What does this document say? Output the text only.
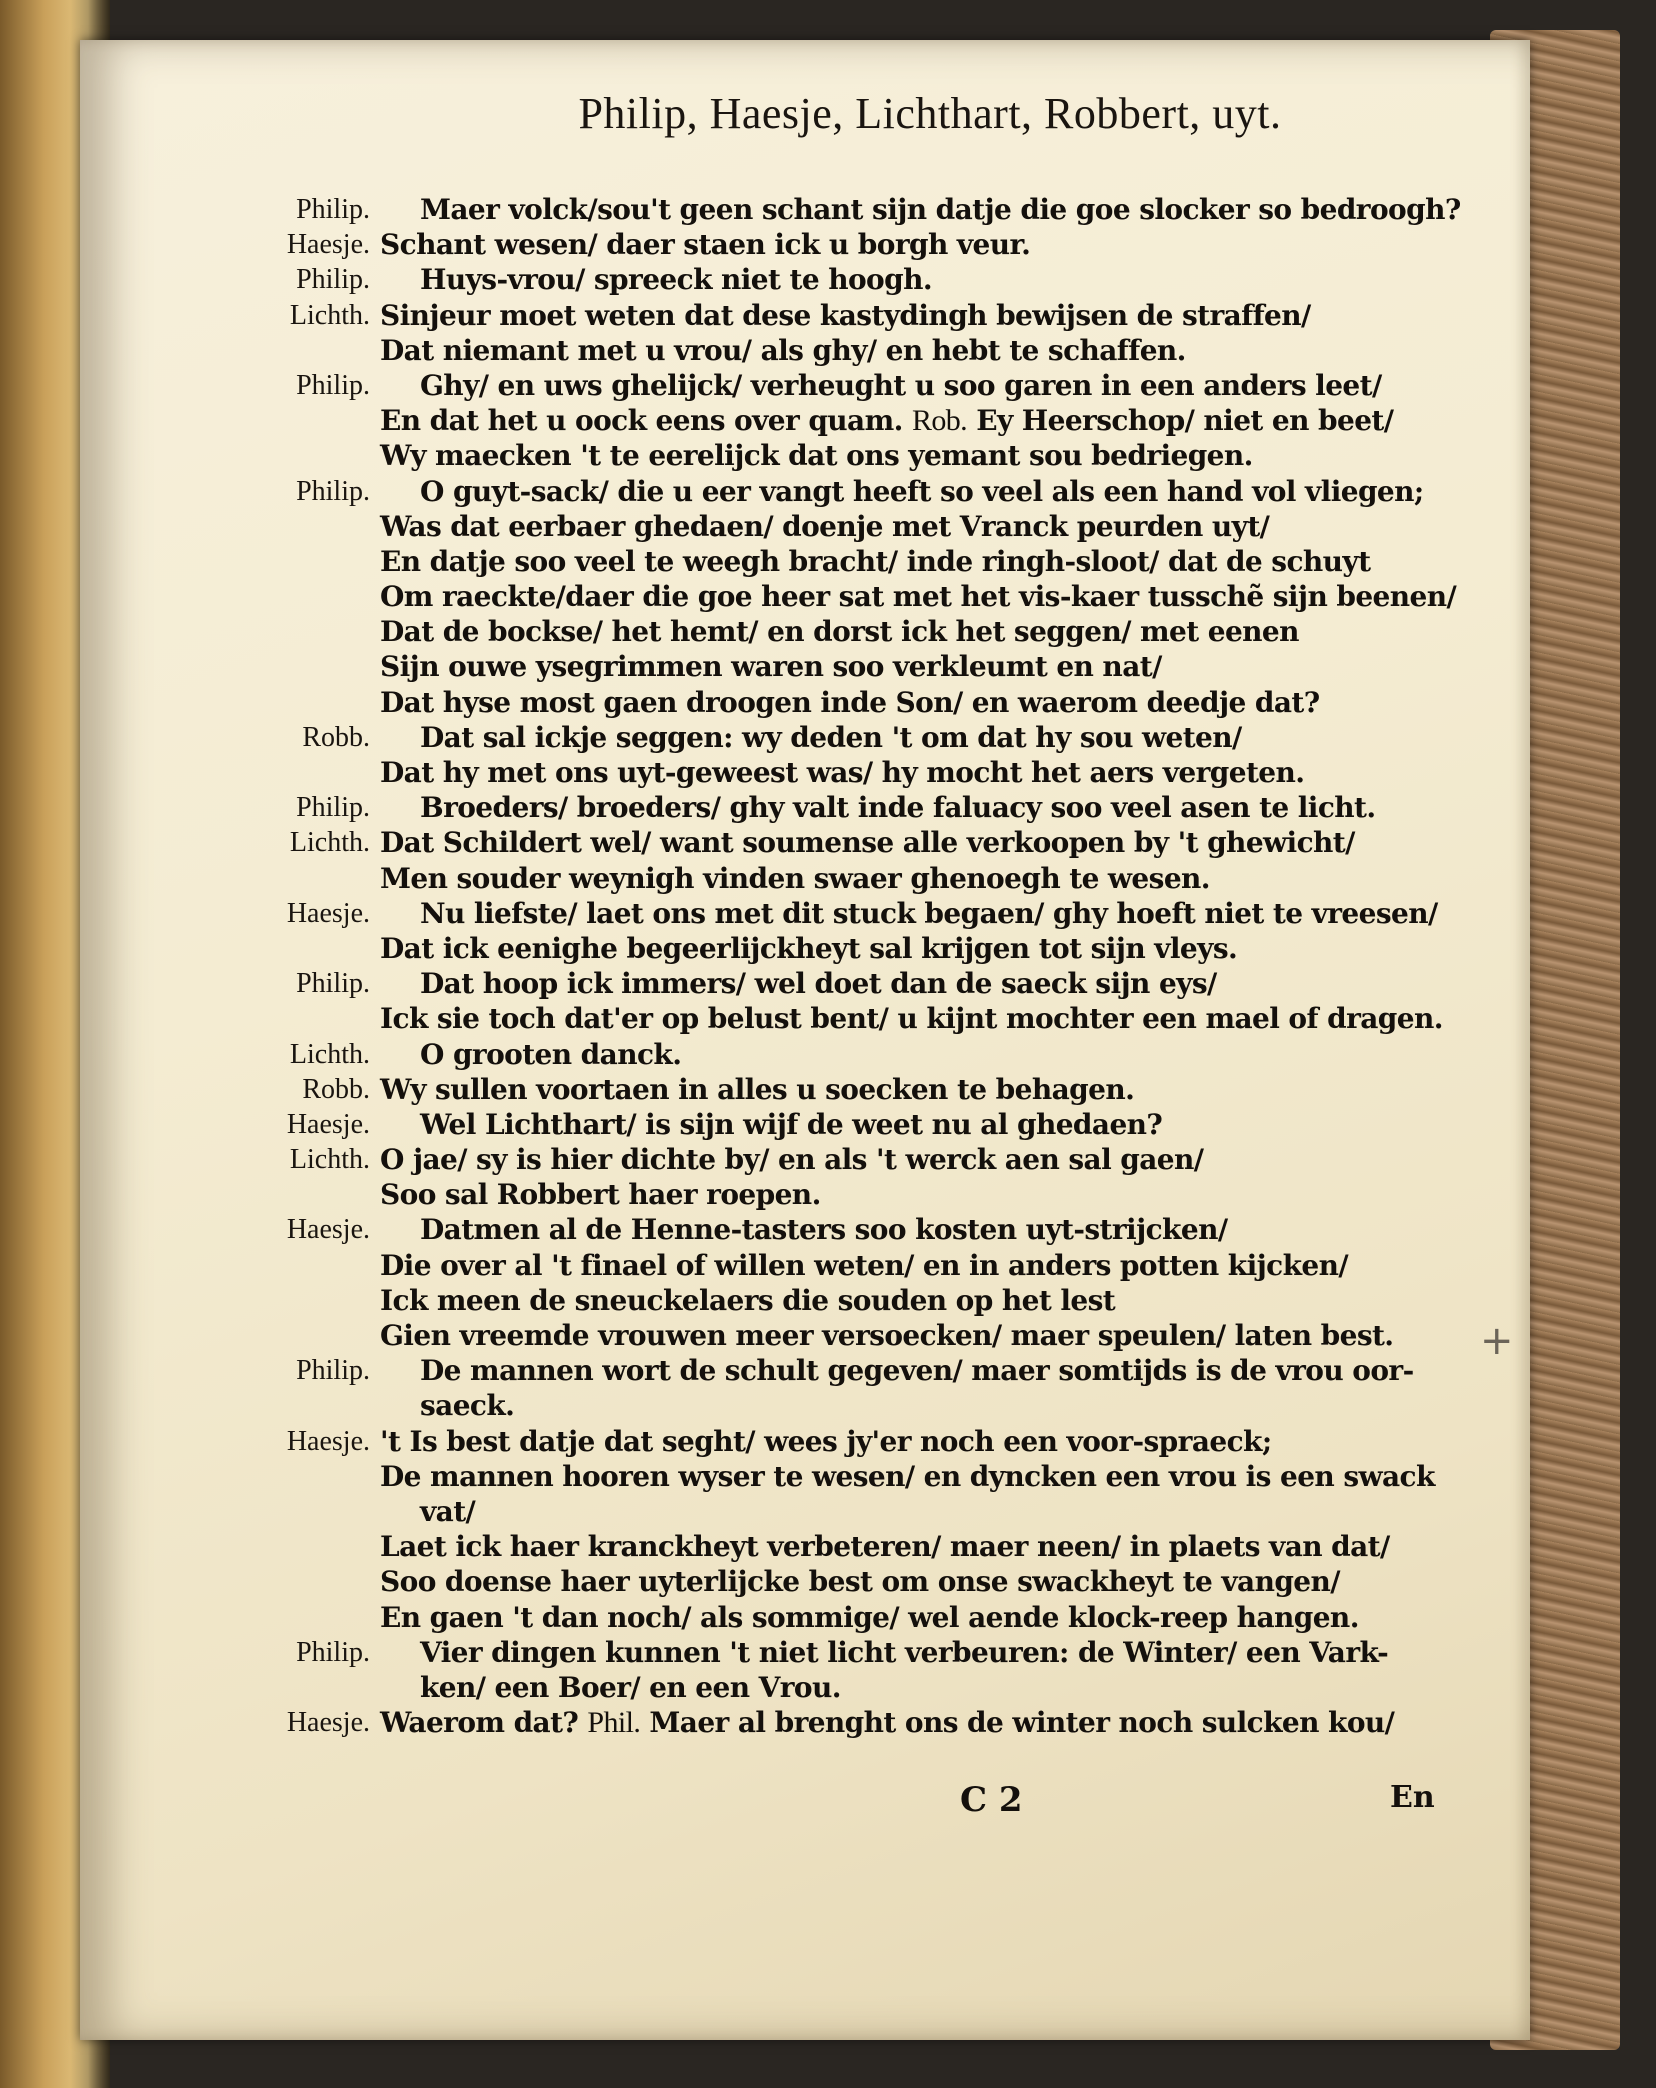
Philip, Haesje, Lichthart, Robbert, uyt.
Philip.	Maer volck/sou't geen schant sijn datje die goe slocker so bedroogh?
Haesje. Schant wesen/ daer staen ick u borgh veur.
Philip.	Huys-vrou/ spreeck niet te hoogh.
Lichth. Sinjeur moet weten dat dese kastydingh bewijsen de straffen/
Dat niemant met u vrou/ als ghy/ en hebt te schaffen.
Philip.	Ghy/ en uws ghelijck/ verheught u soo garen in een anders leet/
En dat het u oock eens over quam. Rob. Ey Heerschop/ niet en beet/
Wy maecken 't te eerelijck dat ons yemant sou bedriegen.
Philip.	O guyt-sack/ die u eer vangt heeft so veel als een hand vol vliegen;
Was dat eerbaer ghedaen/ doenje met Vranck peurden uyt/
En datje soo veel te weegh bracht/ inde ringh-sloot/ dat de schuyt
Om raeckte/daer die goe heer sat met het vis-kaer tusschẽ sijn beenen/
Dat de bockse/ het hemt/ en dorst ick het seggen/ met eenen
Sijn ouwe ysegrimmen waren soo verkleumt en nat/
Dat hyse most gaen droogen inde Son/ en waerom deedje dat?
Robb.	Dat sal ickje seggen: wy deden 't om dat hy sou weten/
Dat hy met ons uyt-geweest was/ hy mocht het aers vergeten.
Philip.	Broeders/ broeders/ ghy valt inde faluacy soo veel asen te licht.
Lichth. Dat Schildert wel/ want soumense alle verkoopen by 't ghewicht/
Men souder weynigh vinden swaer ghenoegh te wesen.
Haesje.	Nu liefste/ laet ons met dit stuck begaen/ ghy hoeft niet te vreesen/
Dat ick eenighe begeerlijckheyt sal krijgen tot sijn vleys.
Philip.	Dat hoop ick immers/ wel doet dan de saeck sijn eys/
Ick sie toch dat'er op belust bent/ u kijnt mochter een mael of dragen.
Lichth.	O grooten danck.
Robb. Wy sullen voortaen in alles u soecken te behagen.
Haesje.	Wel Lichthart/ is sijn wijf de weet nu al ghedaen?
Lichth. O jae/ sy is hier dichte by/ en als 't werck aen sal gaen/
Soo sal Robbert haer roepen.
Haesje.	Datmen al de Henne-tasters soo kosten uyt-strijcken/
Die over al 't finael of willen weten/ en in anders potten kijcken/
Ick meen de sneuckelaers die souden op het lest
Gien vreemde vrouwen meer versoecken/ maer speulen/ laten best.
Philip.	De mannen wort de schult gegeven/ maer somtijds is de vrou oor-
saeck.
Haesje. 't Is best datje dat seght/ wees jy'er noch een voor-spraeck;
De mannen hooren wyser te wesen/ en dyncken een vrou is een swack
vat/
Laet ick haer kranckheyt verbeteren/ maer neen/ in plaets van dat/
Soo doense haer uyterlijcke best om onse swackheyt te vangen/
En gaen 't dan noch/ als sommige/ wel aende klock-reep hangen.
Philip.	Vier dingen kunnen 't niet licht verbeuren: de Winter/ een Vark-
ken/ een Boer/ en een Vrou.
Haesje. Waerom dat? Phil. Maer al brenght ons de winter noch sulcken kou/
+
C 2	En
